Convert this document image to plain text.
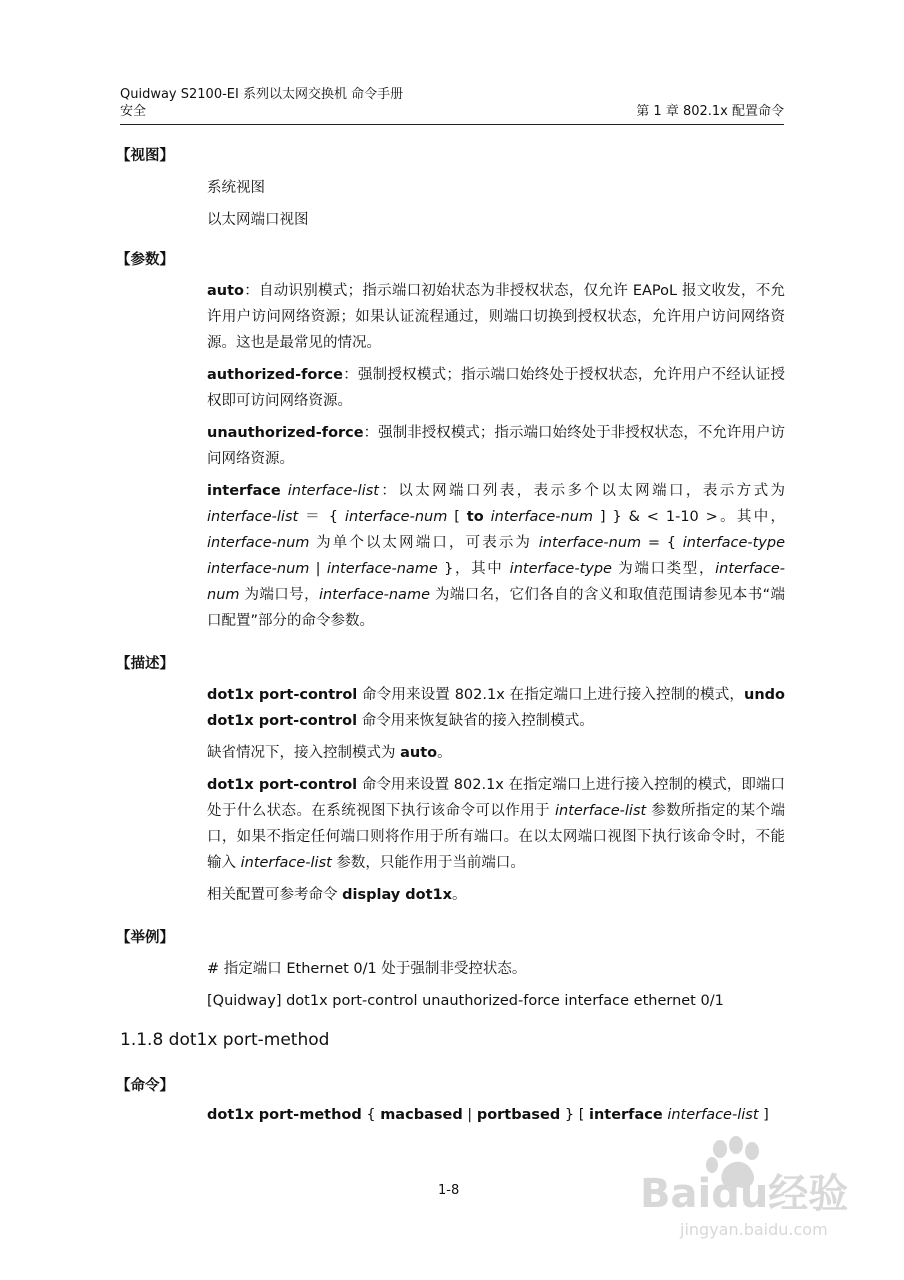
Quidway S2100-EI 系列以太网交换机 命令手册
安全	第 1 章 802.1x 配置命令
【视图】
系统视图
以太网端口视图
【参数】

auto：自动识别模式；指示端口初始状态为非授权状态，仅允许 EAPoL 报文收发，不允许用户访问网络资源；如果认证流程通过，则端口切换到授权状态，允许用户访问网络资源。这也是最常见的情况。

authorized-force：强制授权模式；指示端口始终处于授权状态，允许用户不经认证授权即可访问网络资源。

unauthorized-force：强制非授权模式；指示端口始终处于非授权状态，不允许用户访问网络资源。

interface interface-list：以太网端口列表，表示多个以太网端口，表示方式为 interface-list ＝ { interface-num [ to interface-num ] } & < 1-10 >。其中，interface-num 为单个以太网端口，可表示为 interface-num = { interface-type interface-num | interface-name }，其中 interface-type 为端口类型，interface-num 为端口号，interface-name 为端口名，它们各自的含义和取值范围请参见本书“端口配置”部分的命令参数。

【描述】

dot1x port-control 命令用来设置 802.1x 在指定端口上进行接入控制的模式，undo dot1x port-control 命令用来恢复缺省的接入控制模式。

缺省情况下，接入控制模式为 auto。

dot1x port-control 命令用来设置 802.1x 在指定端口上进行接入控制的模式，即端口处于什么状态。在系统视图下执行该命令可以作用于 interface-list 参数所指定的某个端口，如果不指定任何端口则将作用于所有端口。在以太网端口视图下执行该命令时，不能输入 interface-list 参数，只能作用于当前端口。

相关配置可参考命令 display dot1x。

【举例】

# 指定端口 Ethernet 0/1 处于强制非受控状态。

[Quidway] dot1x port-control unauthorized-force interface ethernet 0/1

1.1.8 dot1x port-method
【命令】

dot1x port-method { macbased | portbased } [ interface interface-list ]

1-8	Baidu经验
jingyan.baidu.com
